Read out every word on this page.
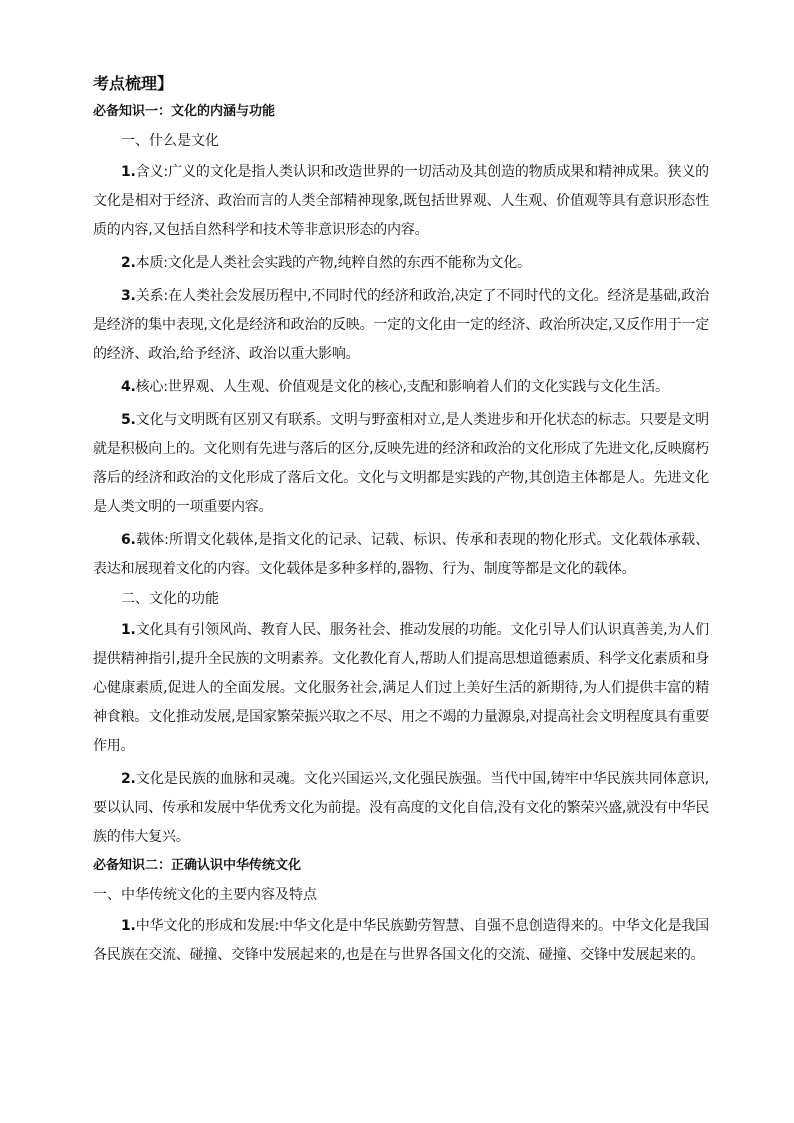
考点梳理】
必备知识一：文化的内涵与功能
一、什么是文化

1.含义:广义的文化是指人类认识和改造世界的一切活动及其创造的物质成果和精神成果。狭义的文化是相对于经济、政治而言的人类全部精神现象,既包括世界观、人生观、价值观等具有意识形态性质的内容,又包括自然科学和技术等非意识形态的内容。

2.本质:文化是人类社会实践的产物,纯粹自然的东西不能称为文化。

3.关系:在人类社会发展历程中,不同时代的经济和政治,决定了不同时代的文化。经济是基础,政治是经济的集中表现,文化是经济和政治的反映。一定的文化由一定的经济、政治所决定,又反作用于一定的经济、政治,给予经济、政治以重大影响。

4.核心:世界观、人生观、价值观是文化的核心,支配和影响着人们的文化实践与文化生活。

5.文化与文明既有区别又有联系。文明与野蛮相对立,是人类进步和开化状态的标志。只要是文明就是积极向上的。文化则有先进与落后的区分,反映先进的经济和政治的文化形成了先进文化,反映腐朽落后的经济和政治的文化形成了落后文化。文化与文明都是实践的产物,其创造主体都是人。先进文化是人类文明的一项重要内容。

6.载体:所谓文化载体,是指文化的记录、记载、标识、传承和表现的物化形式。文化载体承载、表达和展现着文化的内容。文化载体是多种多样的,器物、行为、制度等都是文化的载体。

二、文化的功能

1.文化具有引领风尚、教育人民、服务社会、推动发展的功能。文化引导人们认识真善美,为人们提供精神指引,提升全民族的文明素养。文化教化育人,帮助人们提高思想道德素质、科学文化素质和身心健康素质,促进人的全面发展。文化服务社会,满足人们过上美好生活的新期待,为人们提供丰富的精神食粮。文化推动发展,是国家繁荣振兴取之不尽、用之不竭的力量源泉,对提高社会文明程度具有重要作用。

2.文化是民族的血脉和灵魂。文化兴国运兴,文化强民族强。当代中国,铸牢中华民族共同体意识,要以认同、传承和发展中华优秀文化为前提。没有高度的文化自信,没有文化的繁荣兴盛,就没有中华民族的伟大复兴。

必备知识二：正确认识中华传统文化
一、中华传统文化的主要内容及特点

1.中华文化的形成和发展:中华文化是中华民族勤劳智慧、自强不息创造得来的。中华文化是我国各民族在交流、碰撞、交锋中发展起来的,也是在与世界各国文化的交流、碰撞、交锋中发展起来的。
